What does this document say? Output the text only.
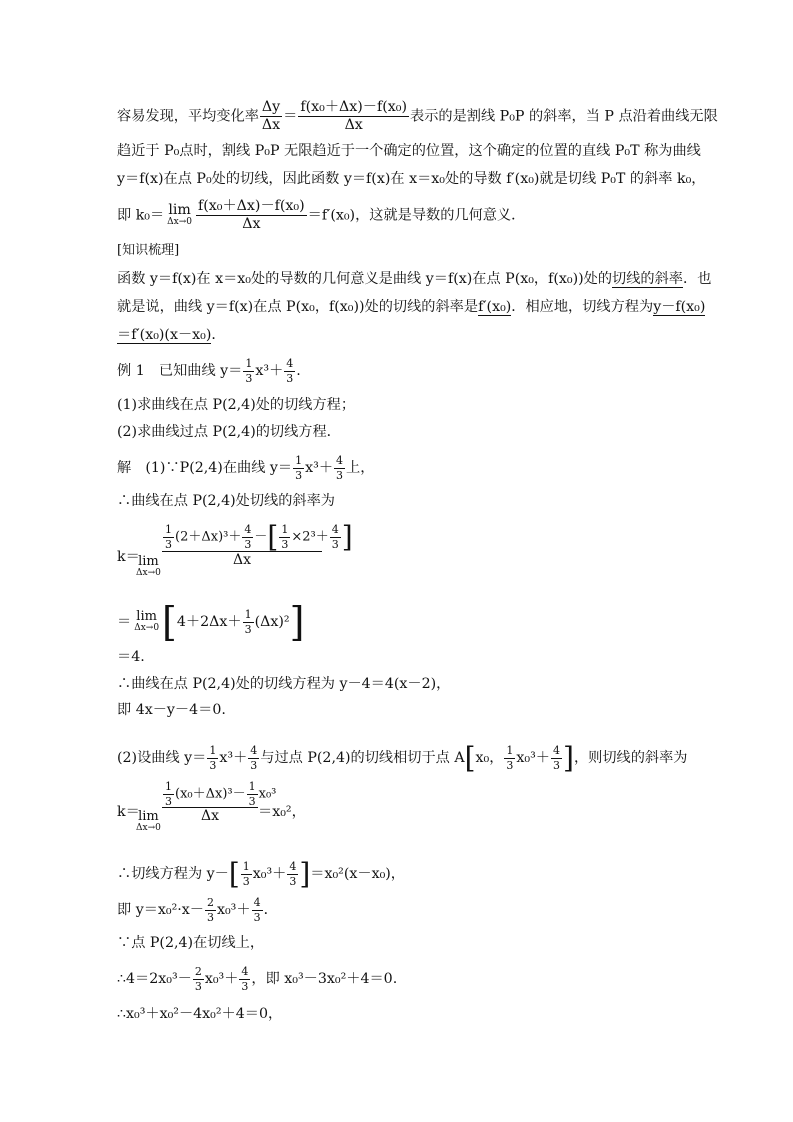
容易发现，平均变化率 $\frac{\Delta y}{\Delta x} = \frac{\text{f(x₀＋Δx)－f(x₀)}}{\Delta x}$ 表示的是割线 P₀P 的斜率，当 P 点沿着曲线无限
趋近于 P₀点时，割线 P₀P 无限趋近于一个确定的位置，这个确定的位置的直线 P₀T 称为曲线
y＝f(x)在点 P₀处的切线，因此函数 y＝f(x)在 x＝x₀处的导数 f′(x₀)就是切线 P₀T 的斜率 k₀，
即 k₀＝ lim
$\Delta x\to 0 \frac{\text{f(x₀＋Δx)－f(x₀)}}{\Delta x} =f'(x_0)$，这就是导数的几何意义．
[知识梳理]
函数 y＝f(x)在 x＝x₀处的导数的几何意义是曲线 y＝f(x)在点 P(x₀，f(x₀))处的切线的斜率．也
就是说，曲线 y＝f(x)在点 P(x₀，f(x₀))处的切线的斜率是f′(x₀)．相应地，切线方程为y－f(x₀)
＝f′(x₀)(x－x₀)．
例 1　已知曲线 $y= \frac{1}{3} x^3+ \frac{4}{3}$ .
(1)求曲线在点 P(2,4)处的切线方程；
(2)求曲线过点 P(2,4)的切线方程．
解　(1)∵P(2,4)在曲线 $y= \frac{1}{3} x^3+ \frac{4}{3}$ 上，
∴曲线在点 P(2,4)处切线的斜率为
k＝
lim
Δx→0
$\frac{1}{3} (2+\Delta x)^3+ \frac{4}{3}$ －[ $\frac{1}{3} \times 2^3+ \frac{4}{3}$ ]
Δx
＝ lim
Δx→0 $[4+2\Delta x+ \frac{1}{3} (\Delta x)^2]$
＝4.
∴曲线在点 P(2,4)处的切线方程为 y－4＝4(x－2)，
即 4x－y－4＝0.
(2)设曲线 $y= \frac{1}{3} x^3+ \frac{4}{3}$ 与过点 P(2,4)的切线相切于点 A[x₀， $\frac{1}{3} x_0^3+ \frac{4}{3}$ ]，则切线的斜率为
k＝
lim
Δx→0
$\frac{1}{3} (x_0+\Delta x)^3- \frac{1}{3} x_0^3$
Δx	＝x₀²，
∴切线方程为 $y-[ \frac{1}{3} x_0^3+ \frac{4}{3} ]=x_0^2(x-x_0)$，
即 $y=x_0^2\cdot x- \frac{2}{3} x_0^3+ \frac{4}{3}$ ．
∵点 P(2,4)在切线上，
∴4＝2x₀³－ $\frac{2}{3} x_0^3+ \frac{4}{3}$ ，即 x₀³－3x₀²＋4＝0.
∴x₀³＋x₀²－4x₀²＋4＝0，
